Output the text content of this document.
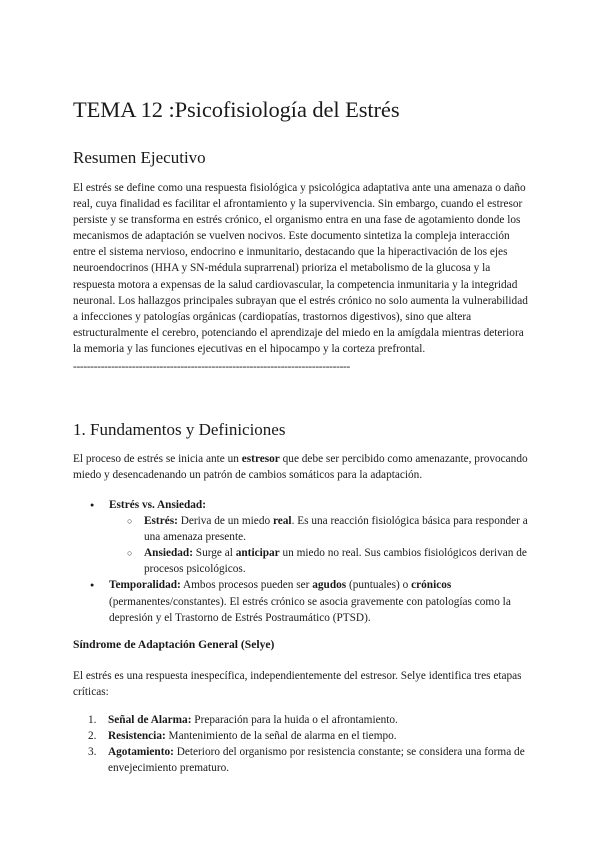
TEMA 12 :Psicofisiología del Estrés
Resumen Ejecutivo

El estrés se define como una respuesta fisiológica y psicológica adaptativa ante una amenaza o daño real, cuya finalidad es facilitar el afrontamiento y la supervivencia. Sin embargo, cuando el estresor persiste y se transforma en estrés crónico, el organismo entra en una fase de agotamiento donde los mecanismos de adaptación se vuelven nocivos. Este documento sintetiza la compleja interacción entre el sistema nervioso, endocrino e inmunitario, destacando que la hiperactivación de los ejes neuroendocrinos (HHA y SN-médula suprarrenal) prioriza el metabolismo de la glucosa y la respuesta motora a expensas de la salud cardiovascular, la competencia inmunitaria y la integridad neuronal. Los hallazgos principales subrayan que el estrés crónico no solo aumenta la vulnerabilidad a infecciones y patologías orgánicas (cardiopatías, trastornos digestivos), sino que altera estructuralmente el cerebro, potenciando el aprendizaje del miedo en la amígdala mientras deteriora la memoria y las funciones ejecutivas en el hipocampo y la corteza prefrontal.

--------------------------------------------------------------------------------
1. Fundamentos y Definiciones

El proceso de estrés se inicia ante un estresor que debe ser percibido como amenazante, provocando miedo y desencadenando un patrón de cambios somáticos para la adaptación.

● Estrés vs. Ansiedad:
○ Estrés: Deriva de un miedo real. Es una reacción fisiológica básica para responder a una amenaza presente.
○ Ansiedad: Surge al anticipar un miedo no real. Sus cambios fisiológicos derivan de procesos psicológicos.
● Temporalidad: Ambos procesos pueden ser agudos (puntuales) o crónicos (permanentes/constantes). El estrés crónico se asocia gravemente con patologías como la depresión y el Trastorno de Estrés Postraumático (PTSD).
Síndrome de Adaptación General (Selye)

El estrés es una respuesta inespecífica, independientemente del estresor. Selye identifica tres etapas críticas:

1. Señal de Alarma: Preparación para la huida o el afrontamiento.
2. Resistencia: Mantenimiento de la señal de alarma en el tiempo.
3. Agotamiento: Deterioro del organismo por resistencia constante; se considera una forma de envejecimiento prematuro.
